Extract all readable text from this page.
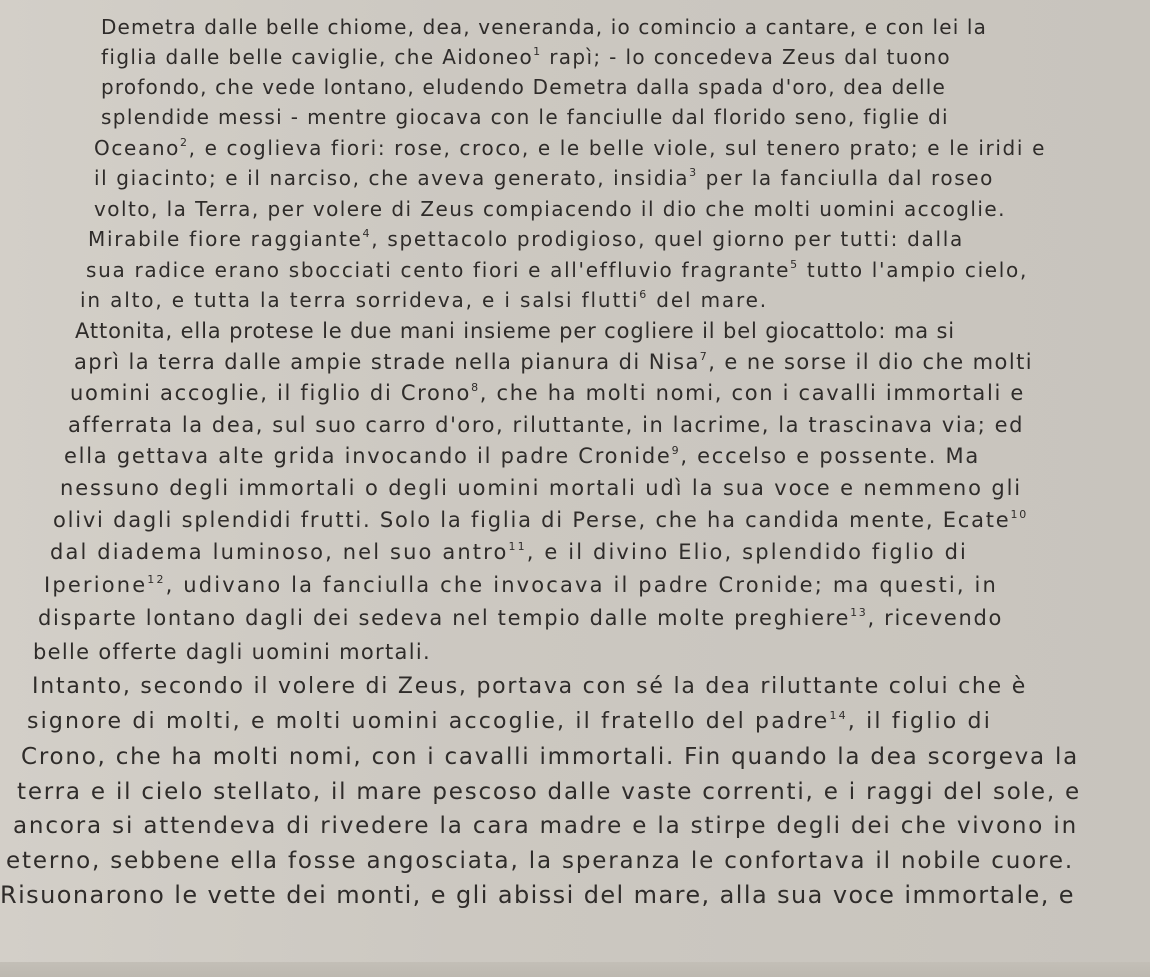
Demetra dalle belle chiome, dea, veneranda, io comincio a cantare, e con lei la
figlia dalle belle caviglie, che Aidoneo$^1$ rapì; - lo concedeva Zeus dal tuono
profondo, che vede lontano, eludendo Demetra dalla spada d'oro, dea delle
splendide messi - mentre giocava con le fanciulle dal florido seno, figlie di
Oceano$^2$, e coglieva fiori: rose, croco, e le belle viole, sul tenero prato; e le iridi e
il giacinto; e il narciso, che aveva generato, insidia$^3$ per la fanciulla dal roseo
volto, la Terra, per volere di Zeus compiacendo il dio che molti uomini accoglie.
Mirabile fiore raggiante$^4$, spettacolo prodigioso, quel giorno per tutti: dalla
sua radice erano sbocciati cento fiori e all'effluvio fragrante$^5$ tutto l'ampio cielo,
in alto, e tutta la terra sorrideva, e i salsi flutti$^6$ del mare.
Attonita, ella protese le due mani insieme per cogliere il bel giocattolo: ma si
aprì la terra dalle ampie strade nella pianura di Nisa$^7$, e ne sorse il dio che molti
uomini accoglie, il figlio di Crono$^8$, che ha molti nomi, con i cavalli immortali e
afferrata la dea, sul suo carro d'oro, riluttante, in lacrime, la trascinava via; ed
ella gettava alte grida invocando il padre Cronide$^9$, eccelso e possente. Ma
nessuno degli immortali o degli uomini mortali udì la sua voce e nemmeno gli
olivi dagli splendidi frutti. Solo la figlia di Perse, che ha candida mente, Ecate$^{10}$
dal diadema luminoso, nel suo antro$^{11}$, e il divino Elio, splendido figlio di
Iperione$^{12}$, udivano la fanciulla che invocava il padre Cronide; ma questi, in
disparte lontano dagli dei sedeva nel tempio dalle molte preghiere$^{13}$, ricevendo
belle offerte dagli uomini mortali.
Intanto, secondo il volere di Zeus, portava con sé la dea riluttante colui che è
signore di molti, e molti uomini accoglie, il fratello del padre$^{14}$, il figlio di
Crono, che ha molti nomi, con i cavalli immortali. Fin quando la dea scorgeva la
terra e il cielo stellato, il mare pescoso dalle vaste correnti, e i raggi del sole, e
ancora si attendeva di rivedere la cara madre e la stirpe degli dei che vivono in
eterno, sebbene ella fosse angosciata, la speranza le confortava il nobile cuore.
Risuonarono le vette dei monti, e gli abissi del mare, alla sua voce immortale, e
